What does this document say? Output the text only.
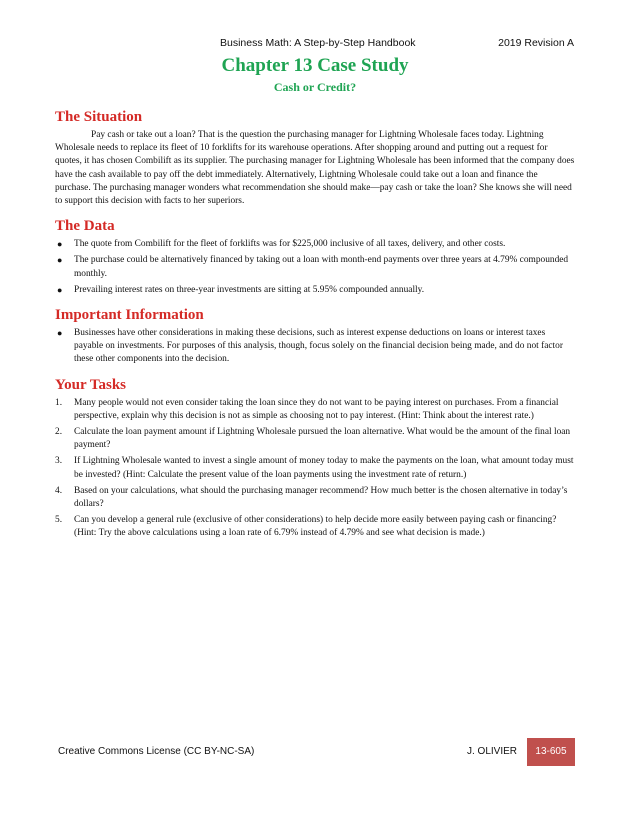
Business Math: A Step-by-Step Handbook	2019 Revision A
Chapter 13 Case Study
Cash or Credit?
The Situation

Pay cash or take out a loan? That is the question the purchasing manager for Lightning Wholesale faces today. Lightning Wholesale needs to replace its fleet of 10 forklifts for its warehouse operations. After shopping around and putting out a request for quotes, it has chosen Combilift as its supplier. The purchasing manager for Lightning Wholesale has been informed that the company does have the cash available to pay off the debt immediately. Alternatively, Lightning Wholesale could take out a loan and finance the purchase. The purchasing manager wonders what recommendation she should make—pay cash or take the loan? She knows she will need to support this decision with facts to her superiors.

The Data
● The quote from Combilift for the fleet of forklifts was for $225,000 inclusive of all taxes, delivery, and other costs.
● The purchase could be alternatively financed by taking out a loan with month-end payments over three years at 4.79% compounded monthly.
● Prevailing interest rates on three-year investments are sitting at 5.95% compounded annually.
Important Information
● Businesses have other considerations in making these decisions, such as interest expense deductions on loans or interest taxes payable on investments. For purposes of this analysis, though, focus solely on the financial decision being made, and do not factor these other components into the decision.
Your Tasks
1. Many people would not even consider taking the loan since they do not want to be paying interest on purchases. From a financial perspective, explain why this decision is not as simple as choosing not to pay interest. (Hint: Think about the interest rate.)
2. Calculate the loan payment amount if Lightning Wholesale pursued the loan alternative. What would be the amount of the final loan payment?
3. If Lightning Wholesale wanted to invest a single amount of money today to make the payments on the loan, what amount today must be invested? (Hint: Calculate the present value of the loan payments using the investment rate of return.)
4. Based on your calculations, what should the purchasing manager recommend? How much better is the chosen alternative in today’s dollars?
5. Can you develop a general rule (exclusive of other considerations) to help decide more easily between paying cash or financing? (Hint: Try the above calculations using a loan rate of 6.79% instead of 4.79% and see what decision is made.)
Creative Commons License (CC BY-NC-SA)	J. OLIVIER	13-605
